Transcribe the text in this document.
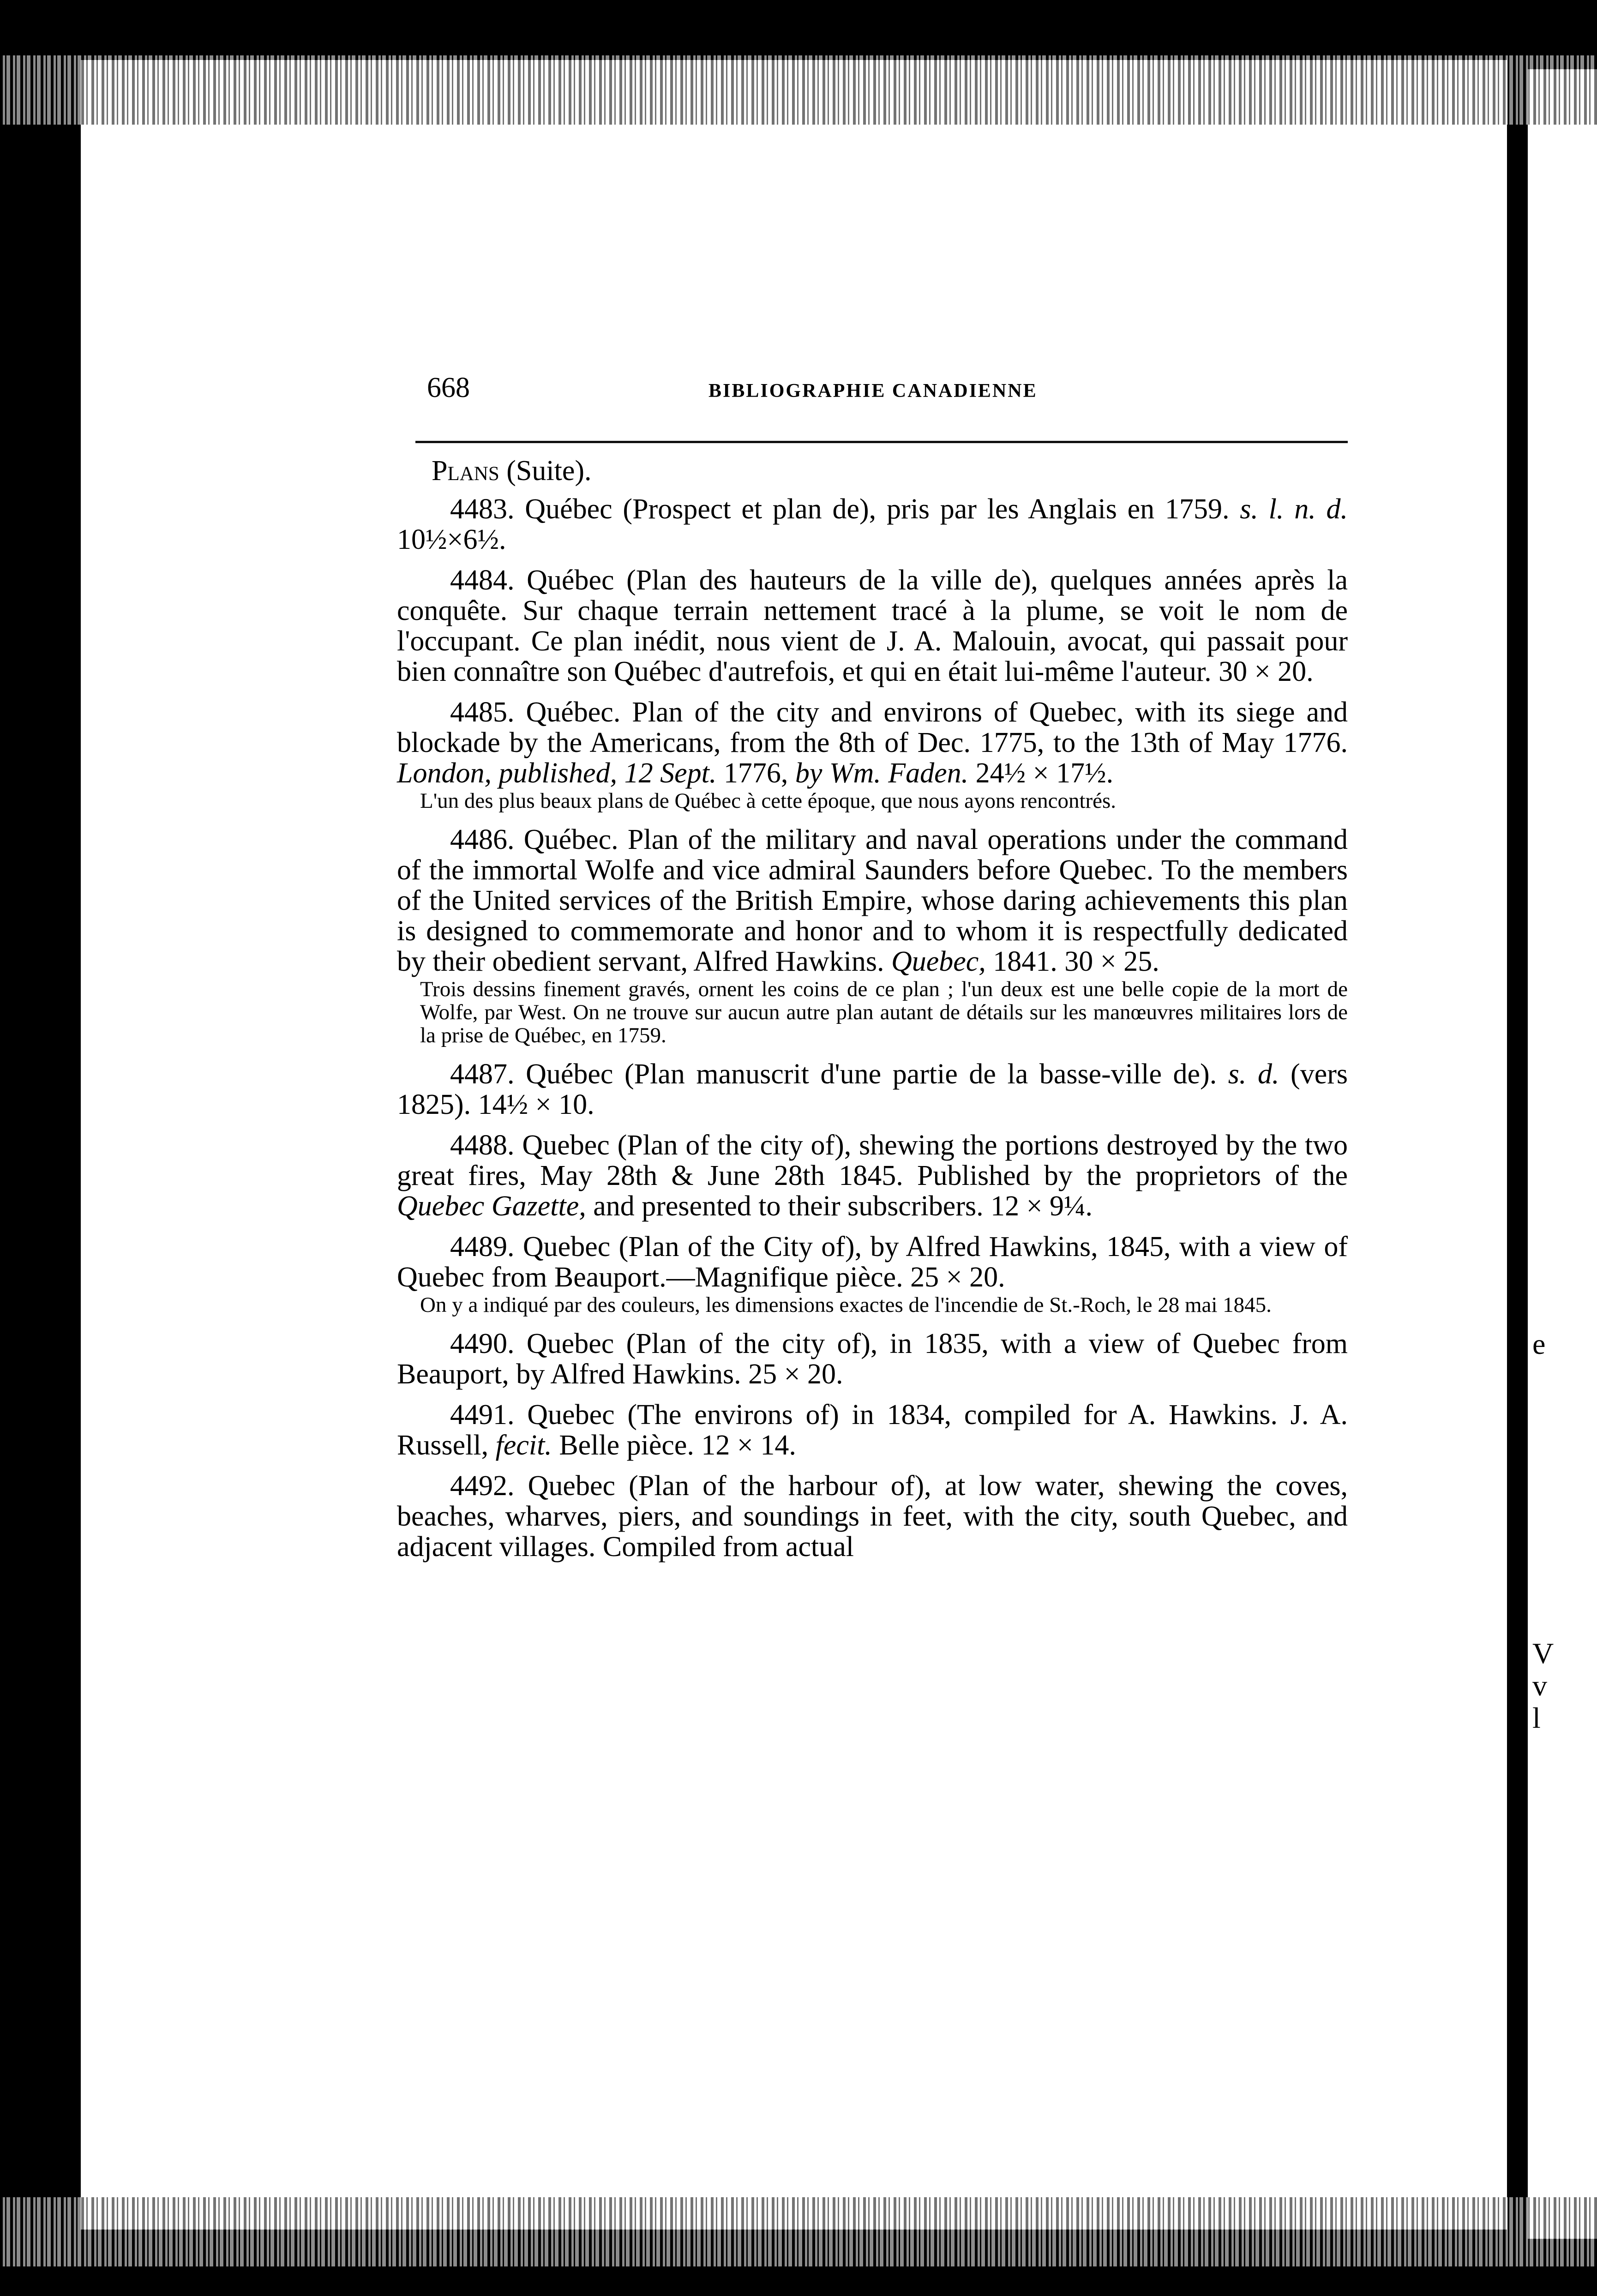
e
V
v
l
668	BIBLIOGRAPHIE CANADIENNE
Plans (Suite).

4483. Québec (Prospect et plan de), pris par les Anglais en 1759. s. l. n. d. 10½×6½.

4484. Québec (Plan des hauteurs de la ville de), quelques années après la conquête. Sur chaque terrain nettement tracé à la plume, se voit le nom de l'occupant. Ce plan inédit, nous vient de J. A. Malouin, avocat, qui passait pour bien connaître son Québec d'autrefois, et qui en était lui-même l'auteur. 30 × 20.

4485. Québec. Plan of the city and environs of Quebec, with its siege and blockade by the Americans, from the 8th of Dec. 1775, to the 13th of May 1776. London, published, 12 Sept. 1776, by Wm. Faden. 24½ × 17½.

L'un des plus beaux plans de Québec à cette époque, que nous ayons rencontrés.

4486. Québec. Plan of the military and naval operations under the command of the immortal Wolfe and vice admiral Saunders before Quebec. To the members of the United services of the British Empire, whose daring achievements this plan is designed to commemorate and honor and to whom it is respectfully dedicated by their obedient servant, Alfred Hawkins. Quebec, 1841. 30 × 25.

Trois dessins finement gravés, ornent les coins de ce plan ; l'un deux est une belle copie de la mort de Wolfe, par West. On ne trouve sur aucun autre plan autant de détails sur les manœuvres militaires lors de la prise de Québec, en 1759.

4487. Québec (Plan manuscrit d'une partie de la basse-ville de). s. d. (vers 1825). 14½ × 10.

4488. Quebec (Plan of the city of), shewing the portions destroyed by the two great fires, May 28th & June 28th 1845. Published by the proprietors of the Quebec Gazette, and presented to their subscribers. 12 × 9¼.

4489. Quebec (Plan of the City of), by Alfred Hawkins, 1845, with a view of Quebec from Beauport.—Magnifique pièce. 25 × 20.

On y a indiqué par des couleurs, les dimensions exactes de l'incendie de St.-Roch, le 28 mai 1845.

4490. Quebec (Plan of the city of), in 1835, with a view of Quebec from Beauport, by Alfred Hawkins. 25 × 20.

4491. Quebec (The environs of) in 1834, compiled for A. Hawkins. J. A. Russell, fecit. Belle pièce. 12 × 14.

4492. Quebec (Plan of the harbour of), at low water, shewing the coves, beaches, wharves, piers, and soundings in feet, with the city, south Quebec, and adjacent villages. Compiled from actual
